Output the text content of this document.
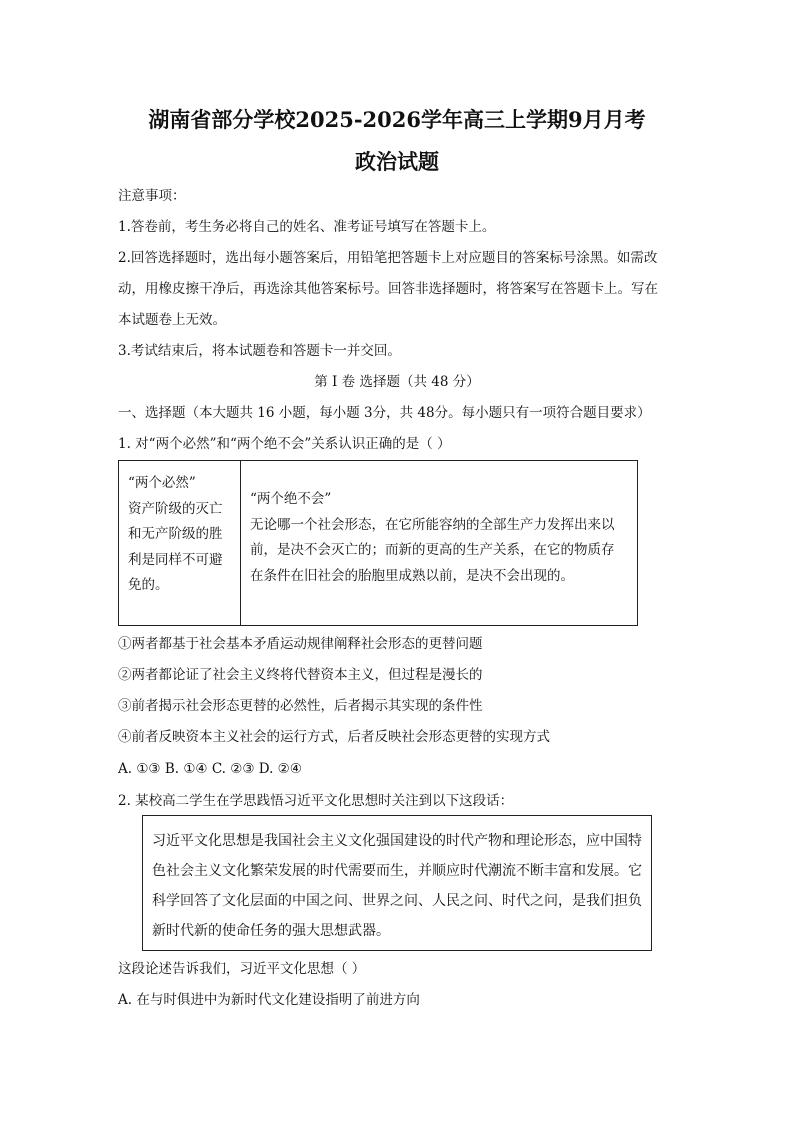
湖南省部分学校2025-2026学年高三上学期9月月考
政治试题
注意事项：
1.答卷前，考生务必将自己的姓名、准考证号填写在答题卡上。
2.回答选择题时，选出每小题答案后，用铅笔把答题卡上对应题目的答案标号涂黑。如需改
动，用橡皮擦干净后，再选涂其他答案标号。回答非选择题时，将答案写在答题卡上。写在
本试题卷上无效。
3.考试结束后，将本试题卷和答题卡一并交回。
第 I 卷 选择题（共 48 分）
一、选择题（本大题共 16 小题，每小题 3分，共 48分。每小题只有一项符合题目要求）
1. 对“两个必然”和“两个绝不会”关系认识正确的是（ ）
“两个必然”
资产阶级的灭亡
和无产阶级的胜
利是同样不可避
免的。
“两个绝不会”
无论哪一个社会形态，在它所能容纳的全部生产力发挥出来以
前，是决不会灭亡的；而新的更高的生产关系，在它的物质存
在条件在旧社会的胎胞里成熟以前，是决不会出现的。
①两者都基于社会基本矛盾运动规律阐释社会形态的更替问题
②两者都论证了社会主义终将代替资本主义，但过程是漫长的
③前者揭示社会形态更替的必然性，后者揭示其实现的条件性
④前者反映资本主义社会的运行方式，后者反映社会形态更替的实现方式
A. ①③ B. ①④ C. ②③ D. ②④
2. 某校高二学生在学思践悟习近平文化思想时关注到以下这段话：
习近平文化思想是我国社会主义文化强国建设的时代产物和理论形态，应中国特
色社会主义文化繁荣发展的时代需要而生，并顺应时代潮流不断丰富和发展。它
科学回答了文化层面的中国之问、世界之问、人民之问、时代之问，是我们担负
新时代新的使命任务的强大思想武器。
这段论述告诉我们，习近平文化思想（ ）
A. 在与时俱进中为新时代文化建设指明了前进方向
